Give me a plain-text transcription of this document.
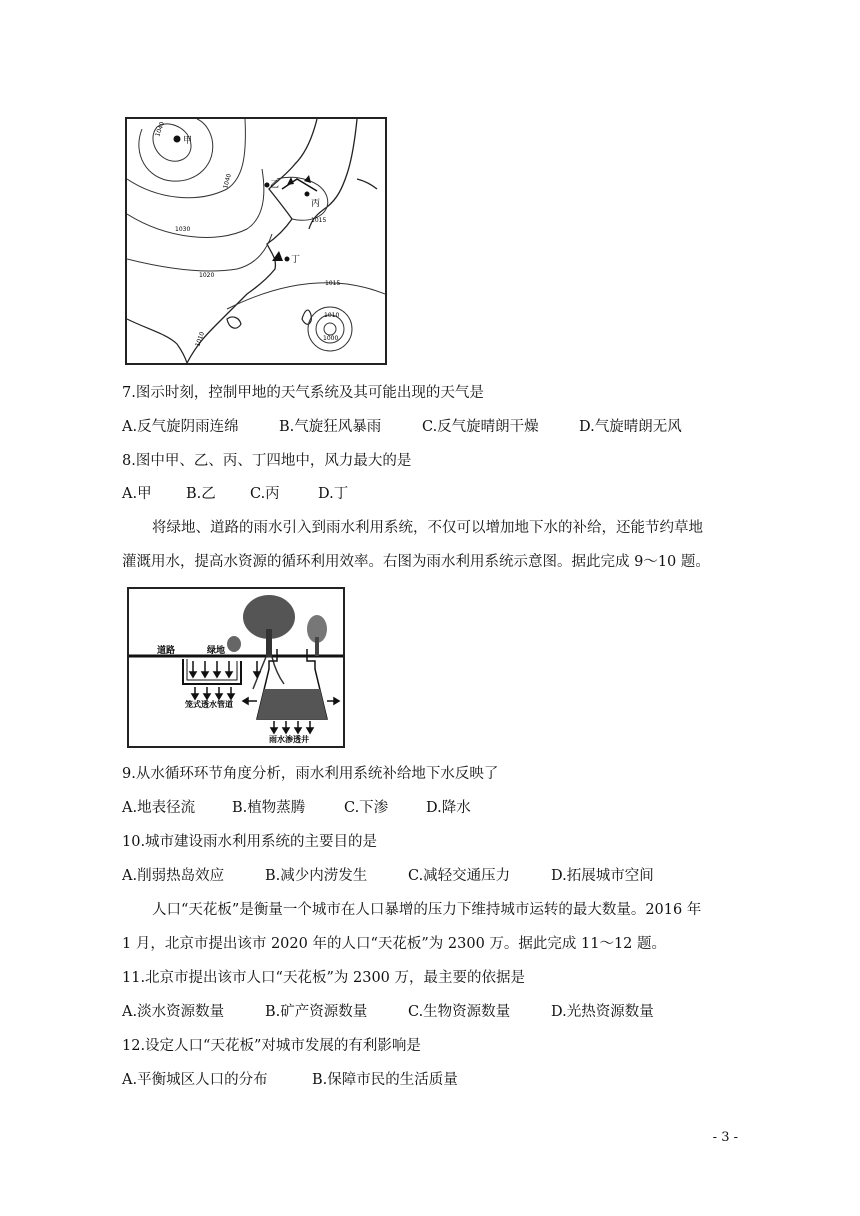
甲
乙
丙
丁
1040
1030
1020
1015
1015
1010
1000
1010
1040
7.图示时刻，控制甲地的天气系统及其可能出现的天气是
A.反气旋阴雨连绵	B.气旋狂风暴雨	C.反气旋晴朗干燥	D.气旋晴朗无风
8.图中甲、乙、丙、丁四地中，风力最大的是
A.甲 B.乙 C.丙	D.丁
将绿地、道路的雨水引入到雨水利用系统，不仅可以增加地下水的补给，还能节约草地
灌溉用水，提高水资源的循环利用效率。右图为雨水利用系统示意图。据此完成 9～10 题。
道路	绿地
笼式透水管道
雨水渗透井
9.从水循环环节角度分析，雨水利用系统补给地下水反映了
A.地表径流	B.植物蒸腾	C.下渗	D.降水
10.城市建设雨水利用系统的主要目的是
A.削弱热岛效应	B.减少内涝发生	C.减轻交通压力	D.拓展城市空间
人口“天花板”是衡量一个城市在人口暴增的压力下维持城市运转的最大数量。2016 年
1 月，北京市提出该市 2020 年的人口“天花板”为 2300 万。据此完成 11～12 题。
11.北京市提出该市人口“天花板”为 2300 万，最主要的依据是
A.淡水资源数量	B.矿产资源数量	C.生物资源数量	D.光热资源数量
12.设定人口“天花板”对城市发展的有利影响是
A.平衡城区人口的分布	B.保障市民的生活质量
- 3 -
